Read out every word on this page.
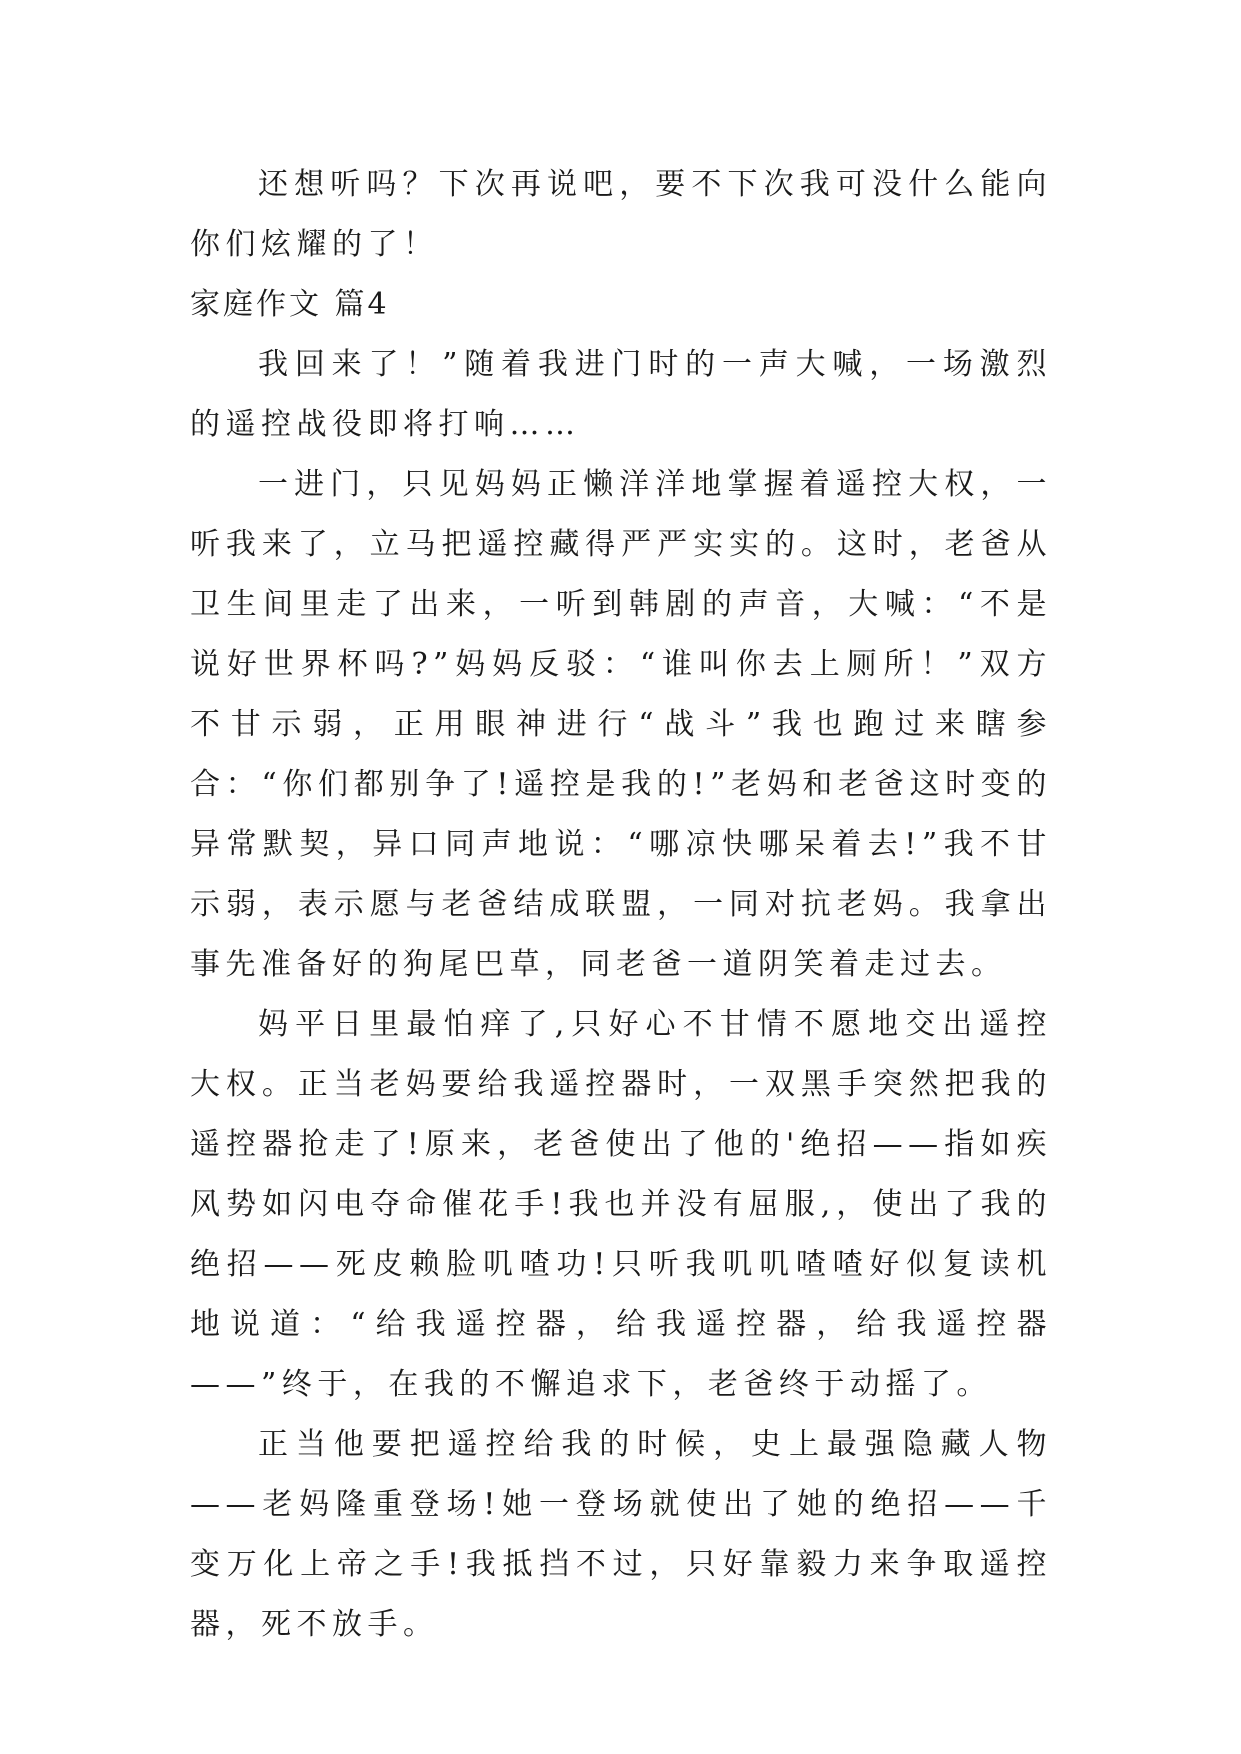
还想听吗？下次再说吧，要不下次我可没什么能向你们炫耀的了！

家庭作文 篇4

我回来了！”随着我进门时的一声大喊，一场激烈的遥控战役即将打响……

一进门，只见妈妈正懒洋洋地掌握着遥控大权，一听我来了，立马把遥控藏得严严实实的。这时，老爸从卫生间里走了出来，一听到韩剧的声音，大喊：“不是说好世界杯吗?”妈妈反驳：“谁叫你去上厕所！”双方不甘示弱，正用眼神进行“战斗”我也跑过来瞎参合：“你们都别争了!遥控是我的!”老妈和老爸这时变的异常默契，异口同声地说：“哪凉快哪呆着去!”我不甘示弱，表示愿与老爸结成联盟，一同对抗老妈。我拿出事先准备好的狗尾巴草，同老爸一道阴笑着走过去。

妈平日里最怕痒了,只好心不甘情不愿地交出遥控大权。正当老妈要给我遥控器时，一双黑手突然把我的遥控器抢走了!原来，老爸使出了他的'绝招——指如疾风势如闪电夺命催花手!我也并没有屈服,，使出了我的绝招——死皮赖脸叽喳功!只听我叽叽喳喳好似复读机地说道：“给我遥控器，给我遥控器，给我遥控器——”终于，在我的不懈追求下，老爸终于动摇了。

正当他要把遥控给我的时候，史上最强隐藏人物——老妈隆重登场!她一登场就使出了她的绝招——千变万化上帝之手!我抵挡不过，只好靠毅力来争取遥控器，死不放手。
